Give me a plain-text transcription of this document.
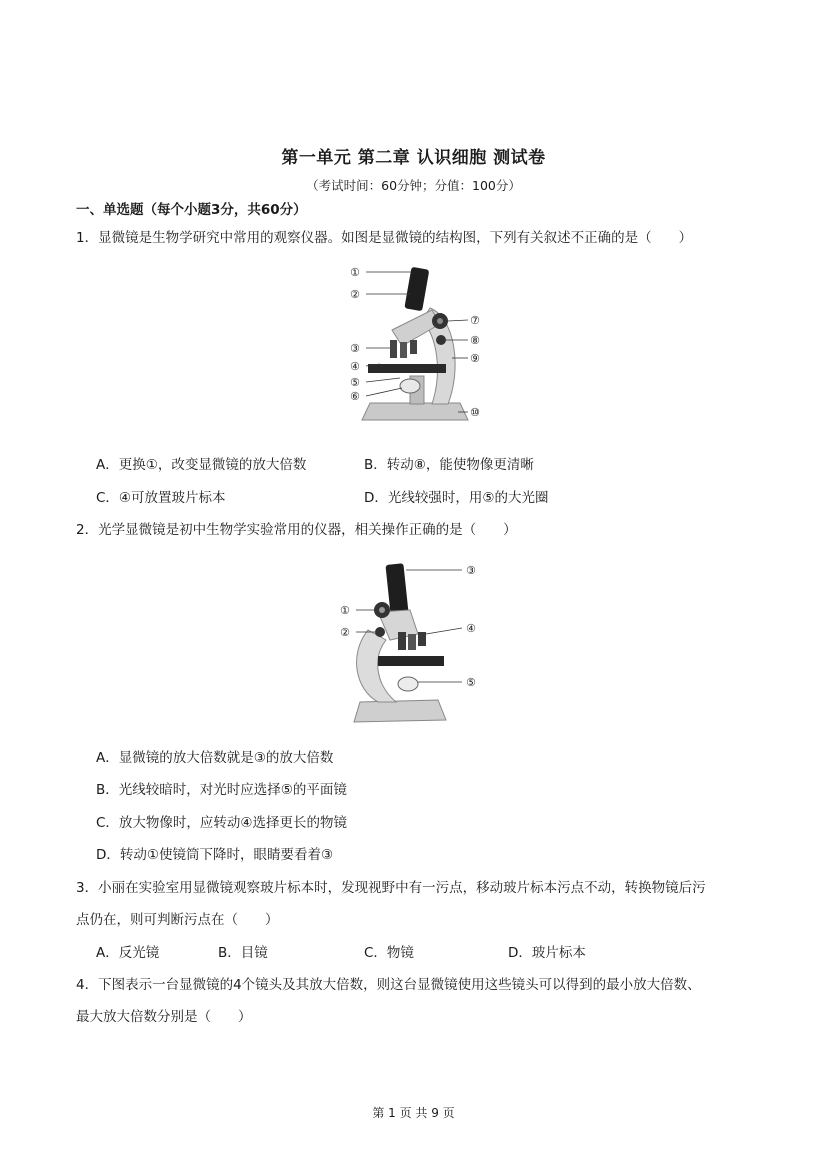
第一单元 第二章 认识细胞 测试卷
（考试时间：60分钟；分值：100分）
一、单选题（每个小题3分，共60分）
1．显微镜是生物学研究中常用的观察仪器。如图是显微镜的结构图，下列有关叙述不正确的是（　　）
①
②
③
④
⑤
⑥
⑦
⑧
⑨
⑩
A．更换①，改变显微镜的放大倍数	B．转动⑧，能使物像更清晰
C．④可放置玻片标本	D．光线较强时，用⑤的大光圈
2．光学显微镜是初中生物学实验常用的仪器，相关操作正确的是（　　）
③
①
②	④
⑤
A．显微镜的放大倍数就是③的放大倍数
B．光线较暗时，对光时应选择⑤的平面镜
C．放大物像时，应转动④选择更长的物镜
D．转动①使镜筒下降时，眼睛要看着③
3．小丽在实验室用显微镜观察玻片标本时，发现视野中有一污点，移动玻片标本污点不动，转换物镜后污
点仍在，则可判断污点在（　　）
A．反光镜	B．目镜	C．物镜	D．玻片标本
4．下图表示一台显微镜的4个镜头及其放大倍数，则这台显微镜使用这些镜头可以得到的最小放大倍数、
最大放大倍数分别是（　　）
第 1 页 共 9 页
